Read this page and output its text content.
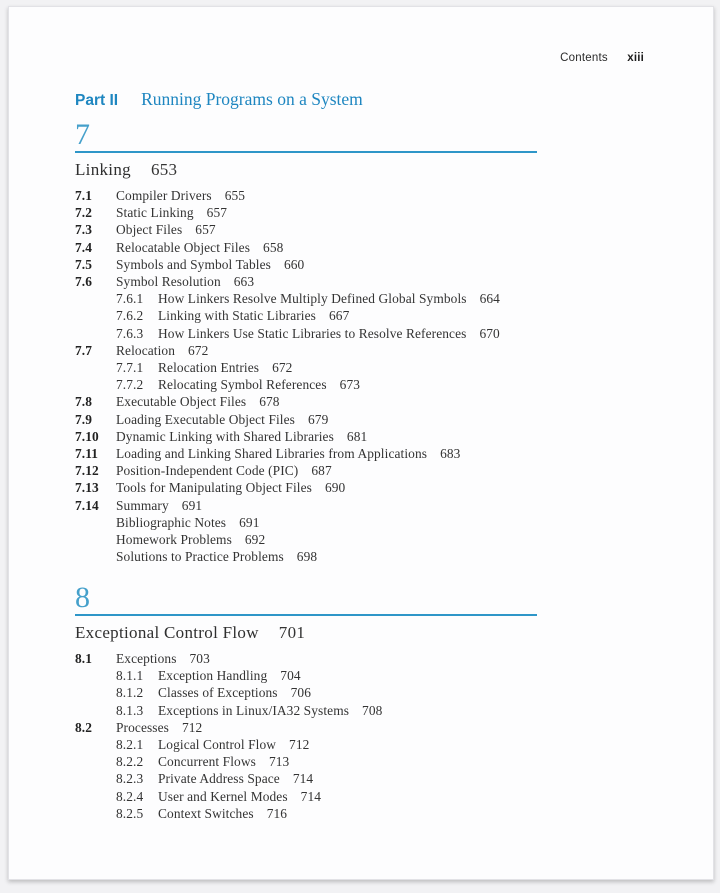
Contents xiii
Part II Running Programs on a System
7
Linking 653
7.1	Compiler Drivers 655
7.2	Static Linking 657
7.3	Object Files 657
7.4	Relocatable Object Files 658
7.5	Symbols and Symbol Tables 660
7.6	Symbol Resolution 663
7.6.1	How Linkers Resolve Multiply Defined Global Symbols 664
7.6.2	Linking with Static Libraries 667
7.6.3	How Linkers Use Static Libraries to Resolve References 670
7.7	Relocation 672
7.7.1	Relocation Entries 672
7.7.2	Relocating Symbol References 673
7.8	Executable Object Files 678
7.9	Loading Executable Object Files 679
7.10	Dynamic Linking with Shared Libraries 681
7.11	Loading and Linking Shared Libraries from Applications 683
7.12	Position-Independent Code (PIC) 687
7.13	Tools for Manipulating Object Files 690
7.14	Summary 691
Bibliographic Notes 691
Homework Problems 692
Solutions to Practice Problems 698
8
Exceptional Control Flow 701
8.1	Exceptions 703
8.1.1	Exception Handling 704
8.1.2	Classes of Exceptions 706
8.1.3	Exceptions in Linux/IA32 Systems 708
8.2	Processes 712
8.2.1	Logical Control Flow 712
8.2.2	Concurrent Flows 713
8.2.3	Private Address Space 714
8.2.4	User and Kernel Modes 714
8.2.5	Context Switches 716
